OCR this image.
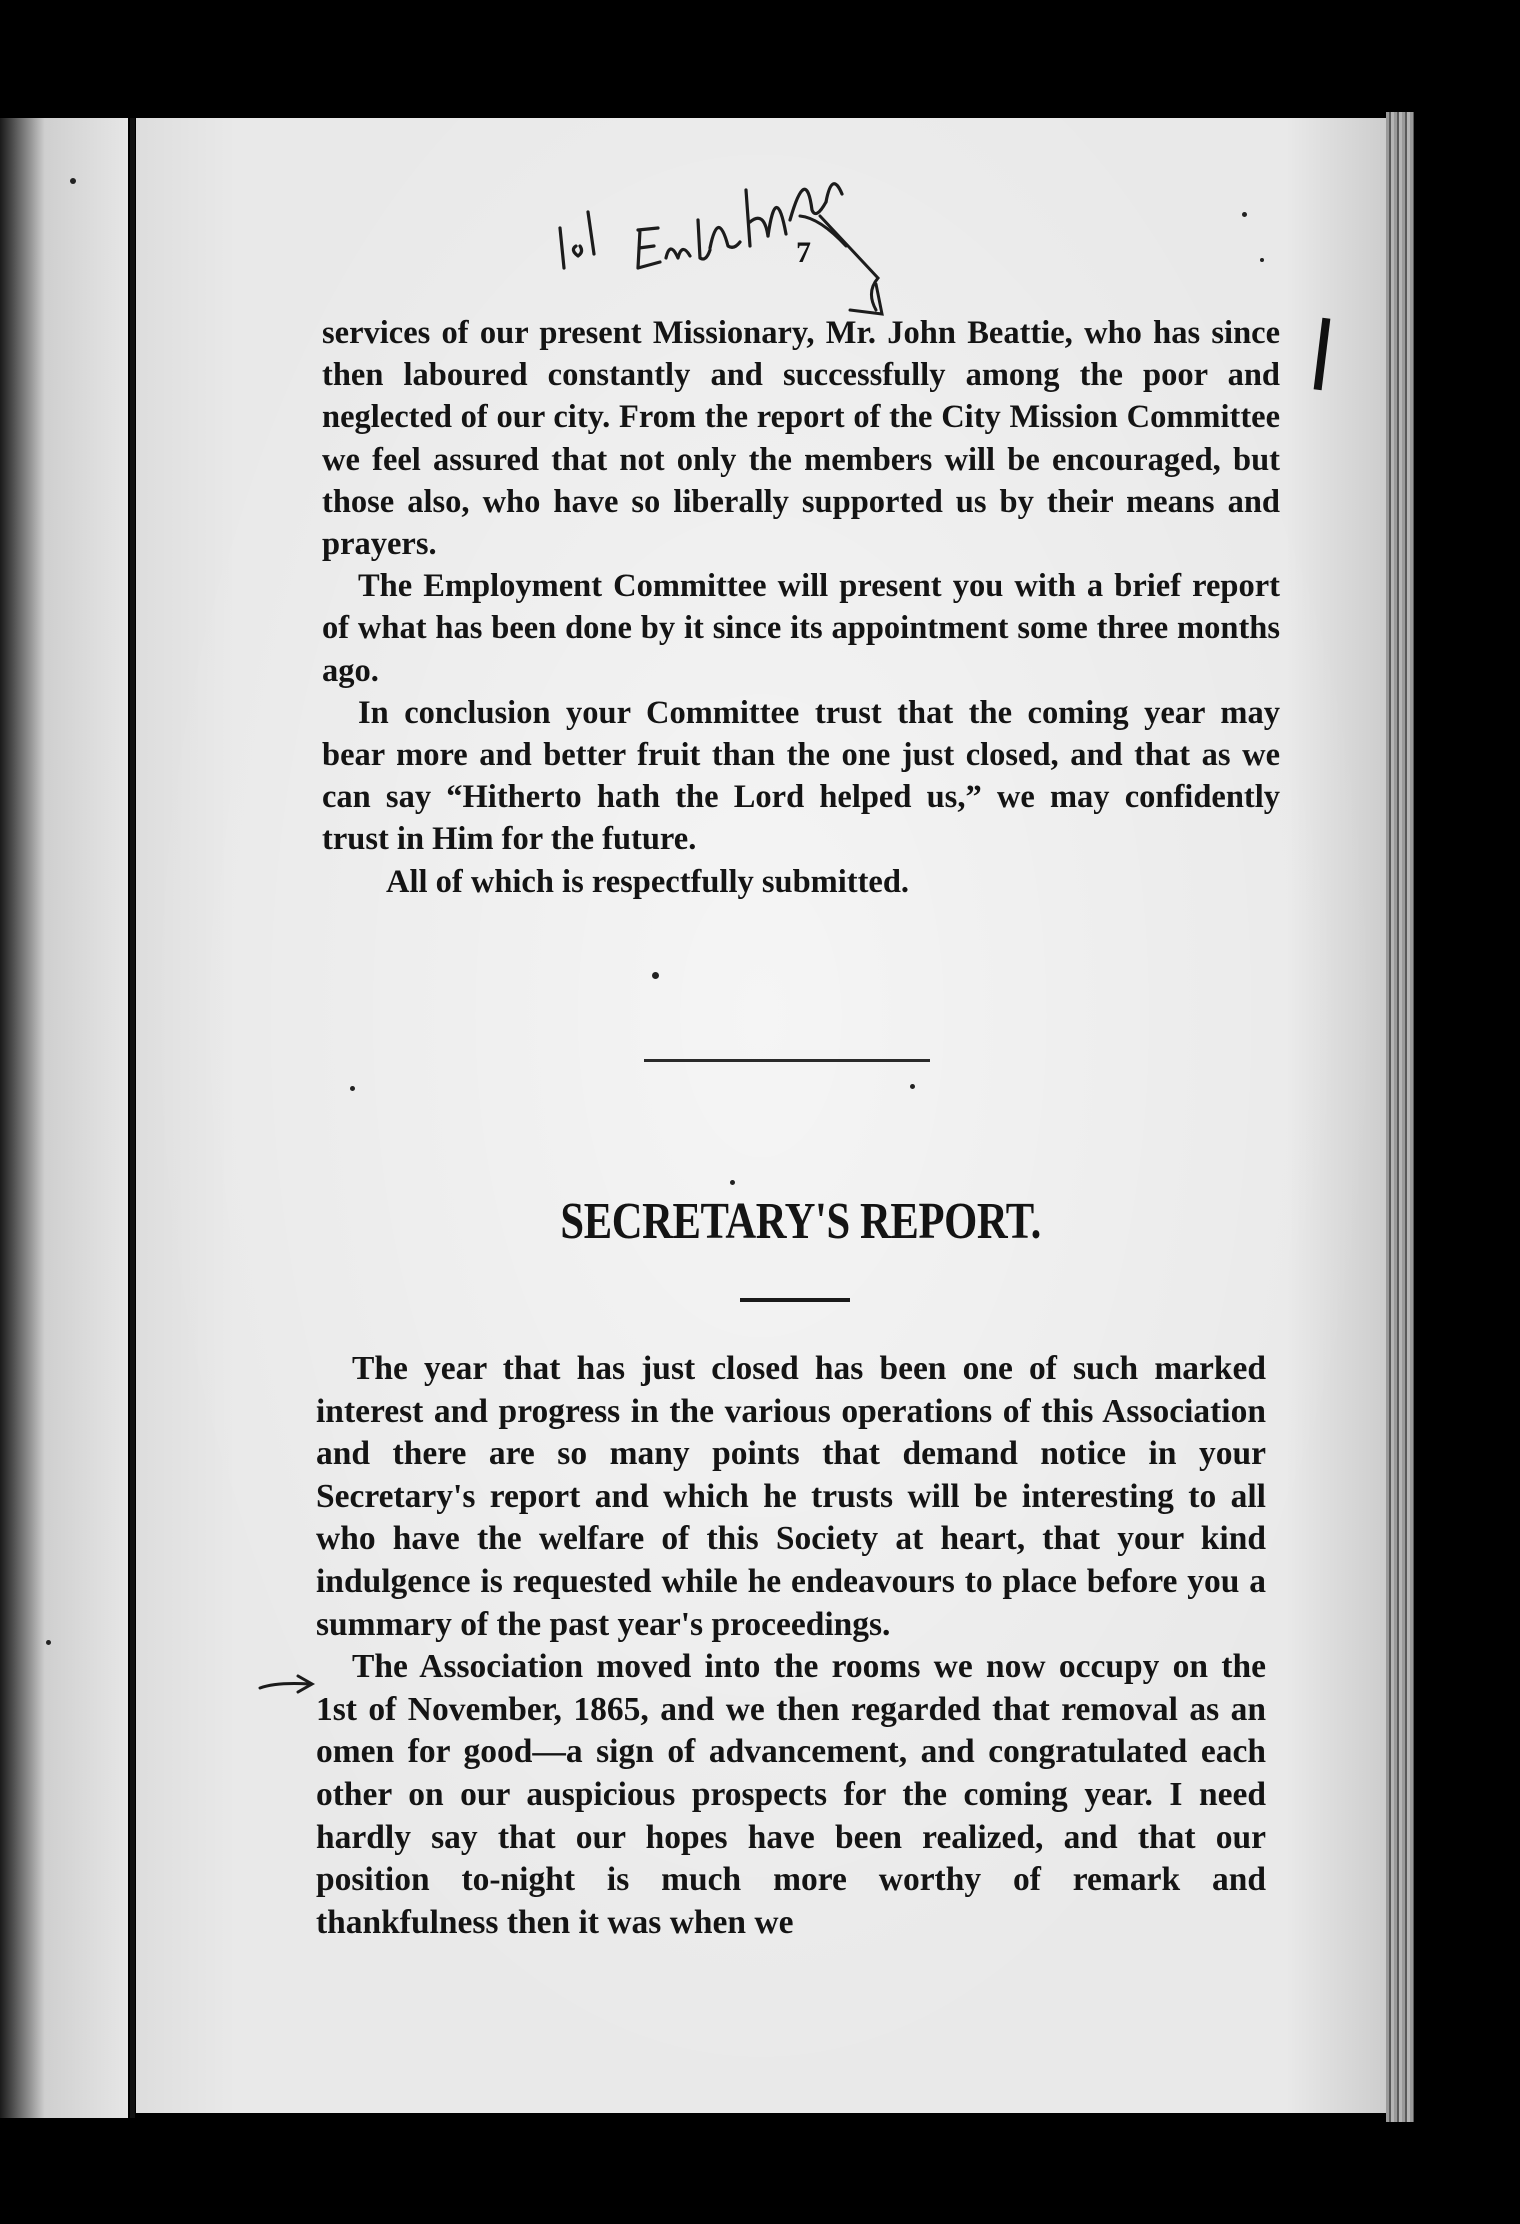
7

services of our present Missionary, Mr. John Beattie, who has since then laboured constantly and successfully among the poor and neglected of our city. From the report of the City Mission Committee we feel assured that not only the members will be encouraged, but those also, who have so liberally supported us by their means and prayers.

The Employment Committee will present you with a brief report of what has been done by it since its appointment some three months ago.

In conclusion your Committee trust that the coming year may bear more and better fruit than the one just closed, and that as we can say “Hitherto hath the Lord helped us,” we may confidently trust in Him for the future.

All of which is respectfully submitted.

SECRETARY'S REPORT.

The year that has just closed has been one of such marked interest and progress in the various operations of this Association and there are so many points that demand notice in your Secretary's report and which he trusts will be interesting to all who have the welfare of this Society at heart, that your kind indulgence is requested while he endeavours to place before you a summary of the past year's proceedings.

The Association moved into the rooms we now occupy on the 1st of November, 1865, and we then regarded that removal as an omen for good—a sign of advancement, and congratulated each other on our auspicious prospects for the coming year. I need hardly say that our hopes have been realized, and that our position to-night is much more worthy of remark and thankfulness then it was when we
